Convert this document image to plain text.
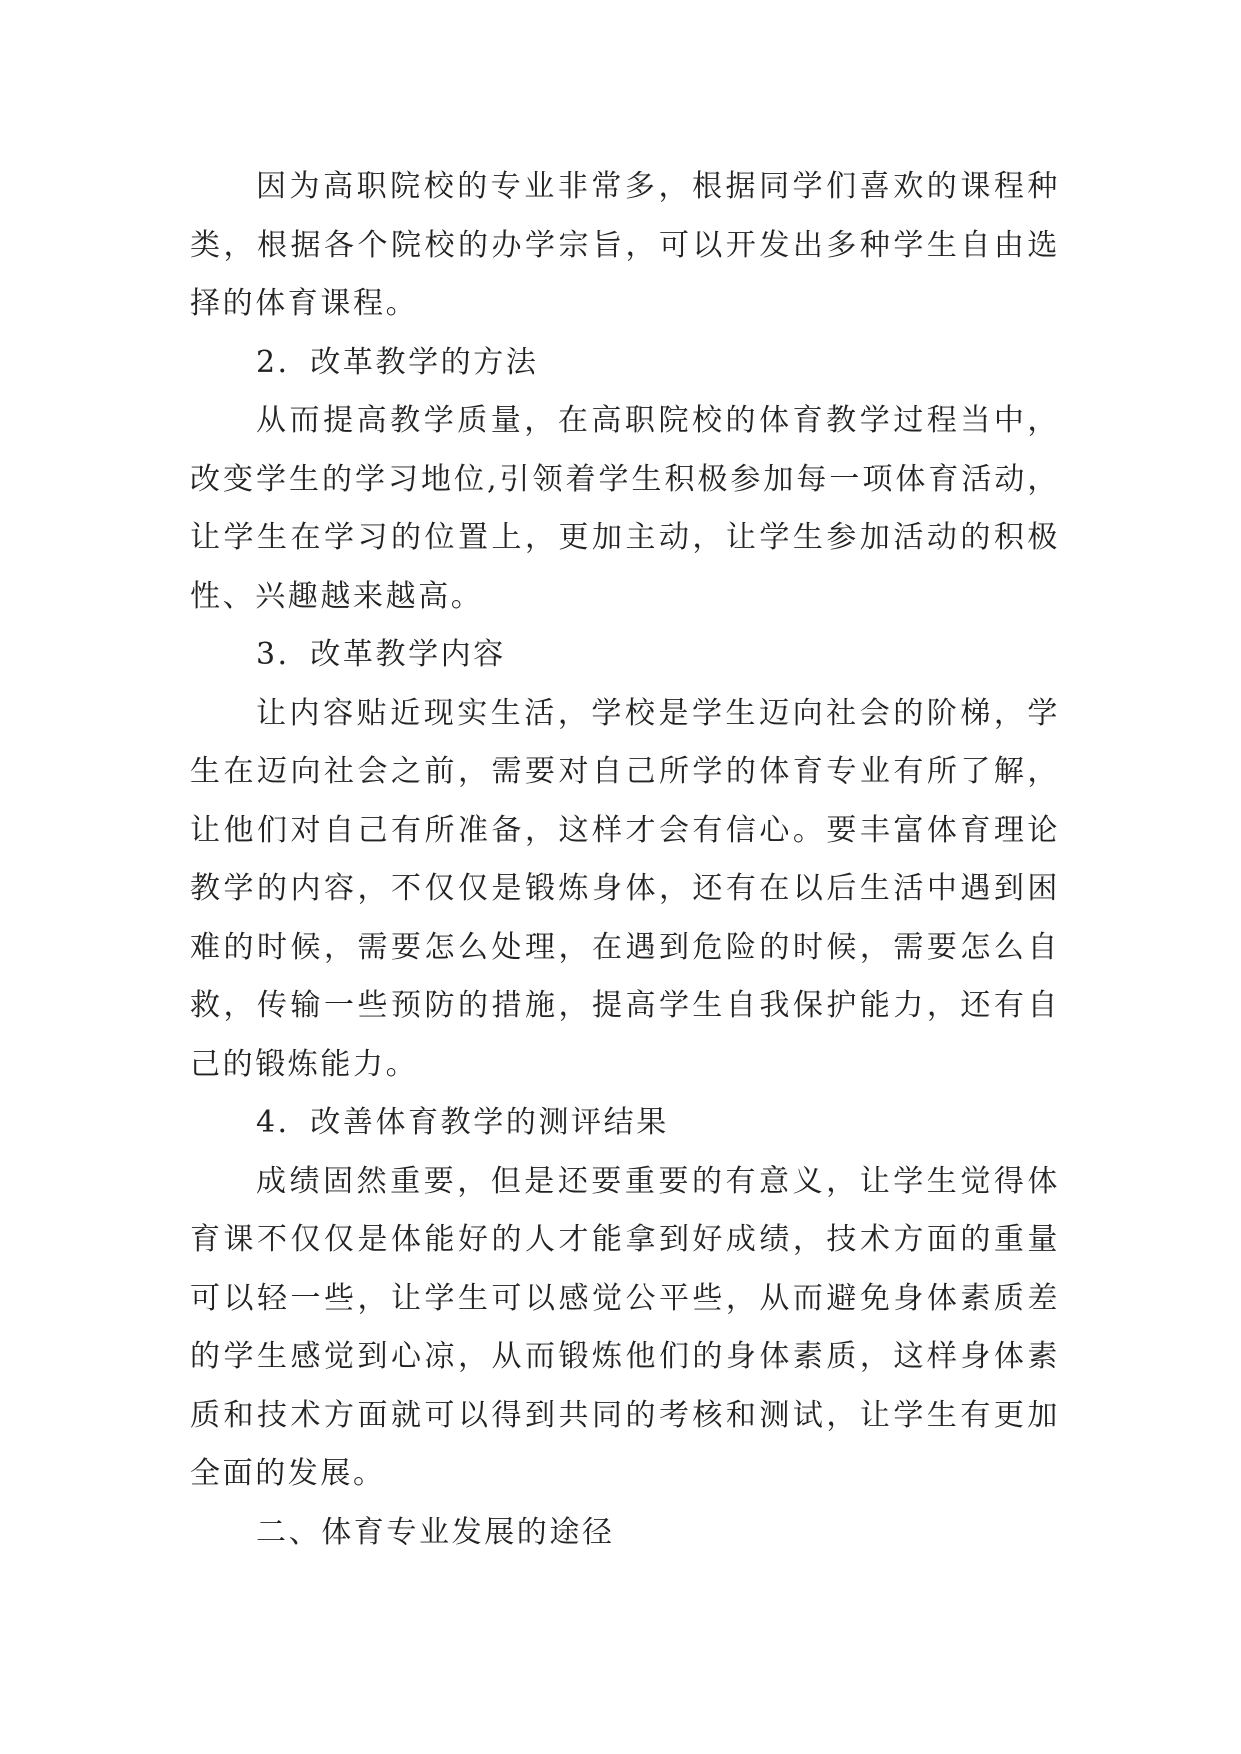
因为高职院校的专业非常多，根据同学们喜欢的课程种类，根据各个院校的办学宗旨，可以开发出多种学生自由选择的体育课程。

2．改革教学的方法

从而提高教学质量，在高职院校的体育教学过程当中，改变学生的学习地位,引领着学生积极参加每一项体育活动，让学生在学习的位置上，更加主动，让学生参加活动的积极性、兴趣越来越高。

3．改革教学内容

让内容贴近现实生活，学校是学生迈向社会的阶梯，学生在迈向社会之前，需要对自己所学的体育专业有所了解，让他们对自己有所准备，这样才会有信心。要丰富体育理论教学的内容，不仅仅是锻炼身体，还有在以后生活中遇到困难的时候，需要怎么处理，在遇到危险的时候，需要怎么自救，传输一些预防的措施，提高学生自我保护能力，还有自己的锻炼能力。

4．改善体育教学的测评结果

成绩固然重要，但是还要重要的有意义，让学生觉得体育课不仅仅是体能好的人才能拿到好成绩，技术方面的重量可以轻一些，让学生可以感觉公平些，从而避免身体素质差的学生感觉到心凉，从而锻炼他们的身体素质，这样身体素质和技术方面就可以得到共同的考核和测试，让学生有更加全面的发展。

二、体育专业发展的途径
